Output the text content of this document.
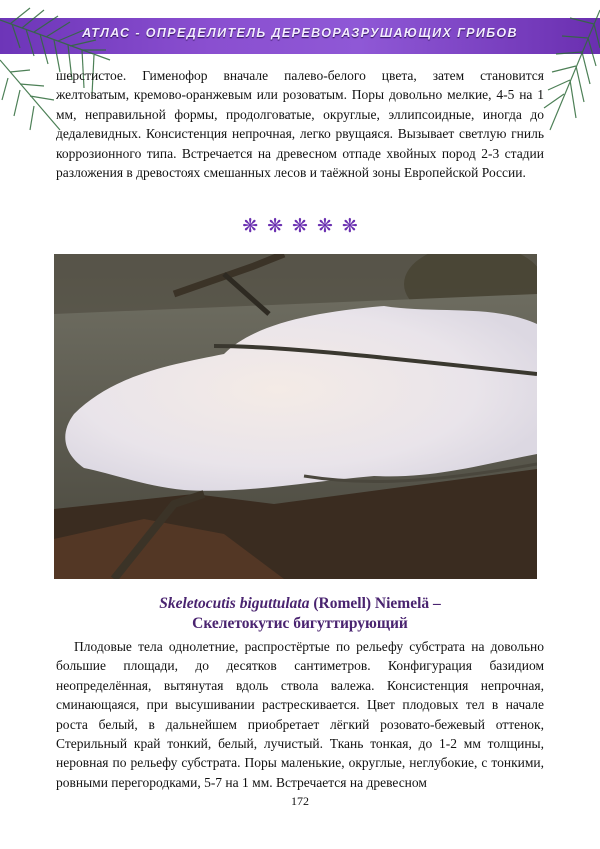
АТЛАС - ОПРЕДЕЛИТЕЛЬ ДЕРЕВОРАЗРУШАЮЩИХ ГРИБОВ

шерстистое. Гименофор вначале палево-белого цвета, затем становится желтоватым, кремово-оранжевым или розоватым. Поры довольно мелкие, 4-5 на 1 мм, неправильной формы, продолговатые, округлые, эллипсоидные, иногда до дедалевидных. Консистенция непрочная, легко рвущаяся. Вызывает светлую гниль коррозионного типа. Встречается на древесном отпаде хвойных пород 2-3 стадии разложения в древостоях смешанных лесов и таёжной зоны Европейской России.

❋ ❋ ❋ ❋ ❋
Skeletocutis biguttulata (Romell) Niemelä –
Скелетокутис бигуттирующий

Плодовые тела однолетние, распростёртые по рельефу субстрата на довольно большие площади, до десятков сантиметров. Конфигурация базидиом неопределённая, вытянутая вдоль ствола валежа. Консистенция непрочная, сминающаяся, при высушивании растрескивается. Цвет плодовых тел в начале роста белый, в дальнейшем приобретает лёгкий розовато-бежевый оттенок, Стерильный край тонкий, белый, лучистый. Ткань тонкая, до 1-2 мм толщины, неровная по рельефу субстрата. Поры маленькие, округлые, неглубокие, с тонкими, ровными перегородками, 5-7 на 1 мм. Встречается на древесном

172
